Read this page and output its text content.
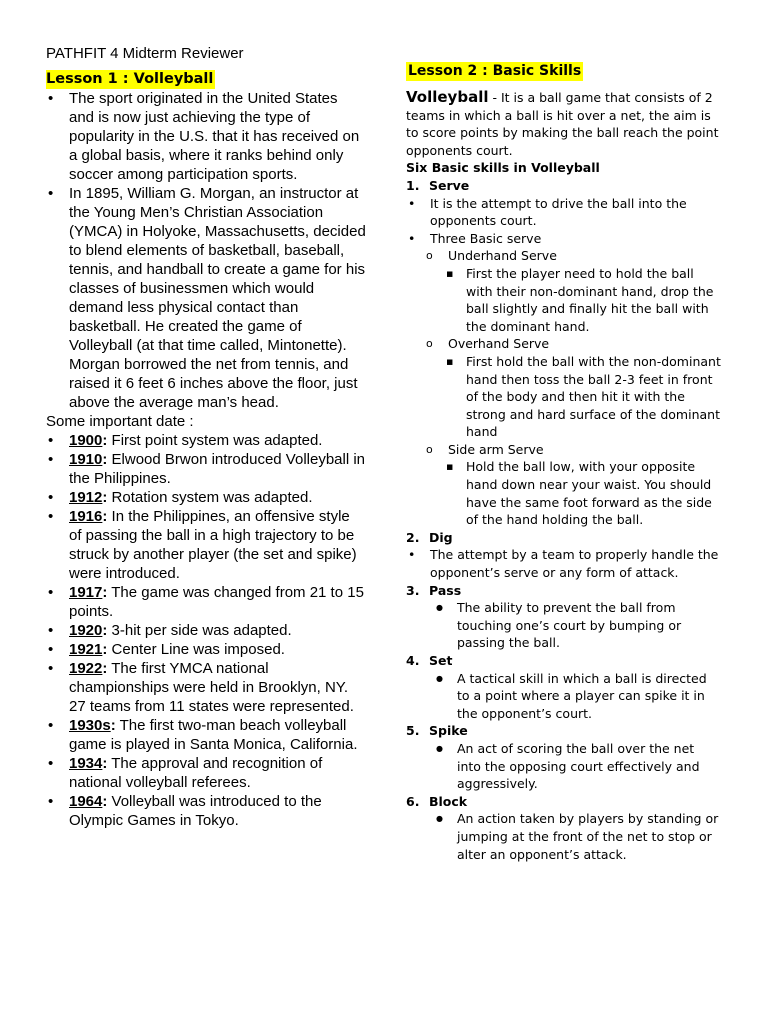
PATHFIT 4 Midterm Reviewer
Lesson 1 : Volleyball
• The sport originated in the United States and is now just achieving the type of popularity in the U.S. that it has received on a global basis, where it ranks behind only soccer among participation sports.
• In 1895, William G. Morgan, an instructor at the Young Men’s Christian Association (YMCA) in Holyoke, Massachusetts, decided to blend elements of basketball, baseball, tennis, and handball to create a game for his classes of businessmen which would demand less physical contact than basketball. He created the game of Volleyball (at that time called, Mintonette). Morgan borrowed the net from tennis, and raised it 6 feet 6 inches above the floor, just above the average man’s head.

Some important date :

• 1900: First point system was adapted.
• 1910: Elwood Brwon introduced Volleyball in the Philippines.
• 1912: Rotation system was adapted.
• 1916: In the Philippines, an offensive style of passing the ball in a high trajectory to be struck by another player (the set and spike) were introduced.
• 1917: The game was changed from 21 to 15 points.
• 1920: 3-hit per side was adapted.
• 1921: Center Line was imposed.
• 1922: The first YMCA national championships were held in Brooklyn, NY. 27 teams from 11 states were represented.
• 1930s: The first two-man beach volleyball game is played in Santa Monica, California.
• 1934: The approval and recognition of national volleyball referees.
• 1964: Volleyball was introduced to the Olympic Games in Tokyo.
Lesson 2 : Basic Skills

Volleyball - It is a ball game that consists of 2 teams in which a ball is hit over a net, the aim is to score points by making the ball reach the point opponents court.

Six Basic skills in Volleyball

1. Serve

• It is the attempt to drive the ball into the opponents court.

• Three Basic serve

o Underhand Serve

▪ First the player need to hold the ball with their non-dominant hand, drop the ball slightly and finally hit the ball with the dominant hand.

o Overhand Serve

▪ First hold the ball with the non-dominant hand then toss the ball 2-3 feet in front of the body and then hit it with the strong and hard surface of the dominant hand

o Side arm Serve

▪ Hold the ball low, with your opposite hand down near your waist. You should have the same foot forward as the side of the hand holding the ball.

2. Dig

• The attempt by a team to properly handle the opponent’s serve or any form of attack.

3. Pass

● The ability to prevent the ball from touching one’s court by bumping or passing the ball.

4. Set

● A tactical skill in which a ball is directed to a point where a player can spike it in the opponent’s court.

5. Spike

● An act of scoring the ball over the net into the opposing court effectively and aggressively.

6. Block

● An action taken by players by standing or jumping at the front of the net to stop or alter an opponent’s attack.
